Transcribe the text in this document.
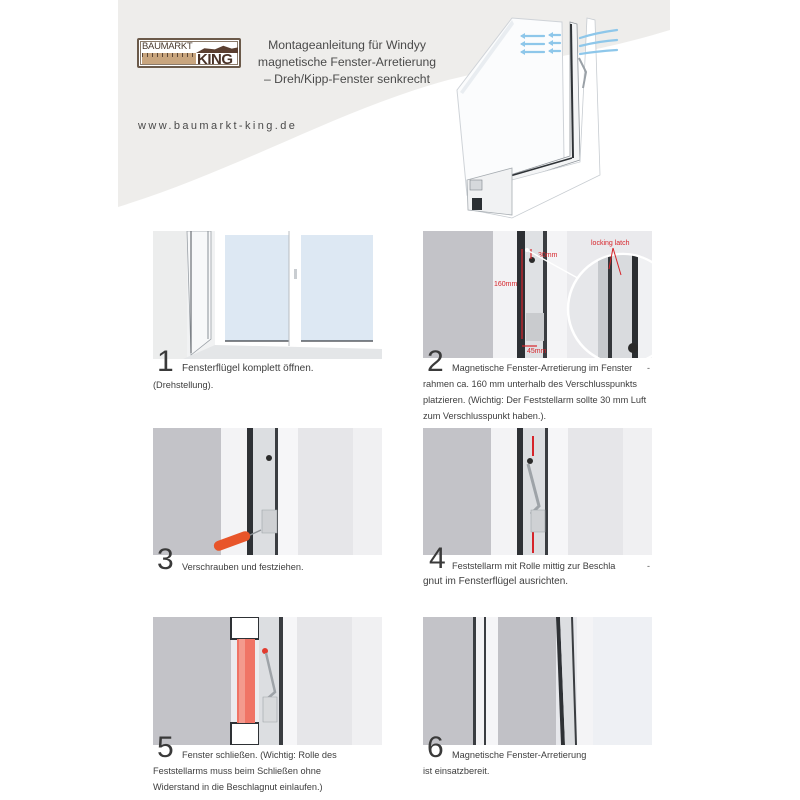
BAUMARKT
KING
Montageanleitung für Windyy
magnetische Fenster-Arretierung
– Dreh/Kipp-Fenster senkrecht
www.baumarkt-king.de
1 Fensterflügel komplett öffnen.
(Drehstellung).
160mm
30mm
45mm
locking latch
2 Magnetische Fenster-Arretierung im Fenster	-
rahmen ca. 160 mm unterhalb des Verschlusspunkts platzieren. (Wichtig: Der Feststellarm sollte 30 mm Luft zum Verschlusspunkt haben.).
3 Verschrauben und festziehen.	4 Feststellarm mit Rolle mittig zur Beschla	-
gnut im Fensterflügel ausrichten.
5 Fenster schließen. (Wichtig: Rolle des
Feststellarms muss beim Schließen ohne Widerstand in die Beschlagnut einlaufen.)
6 Magnetische Fenster-Arretierung
ist einsatzbereit.
